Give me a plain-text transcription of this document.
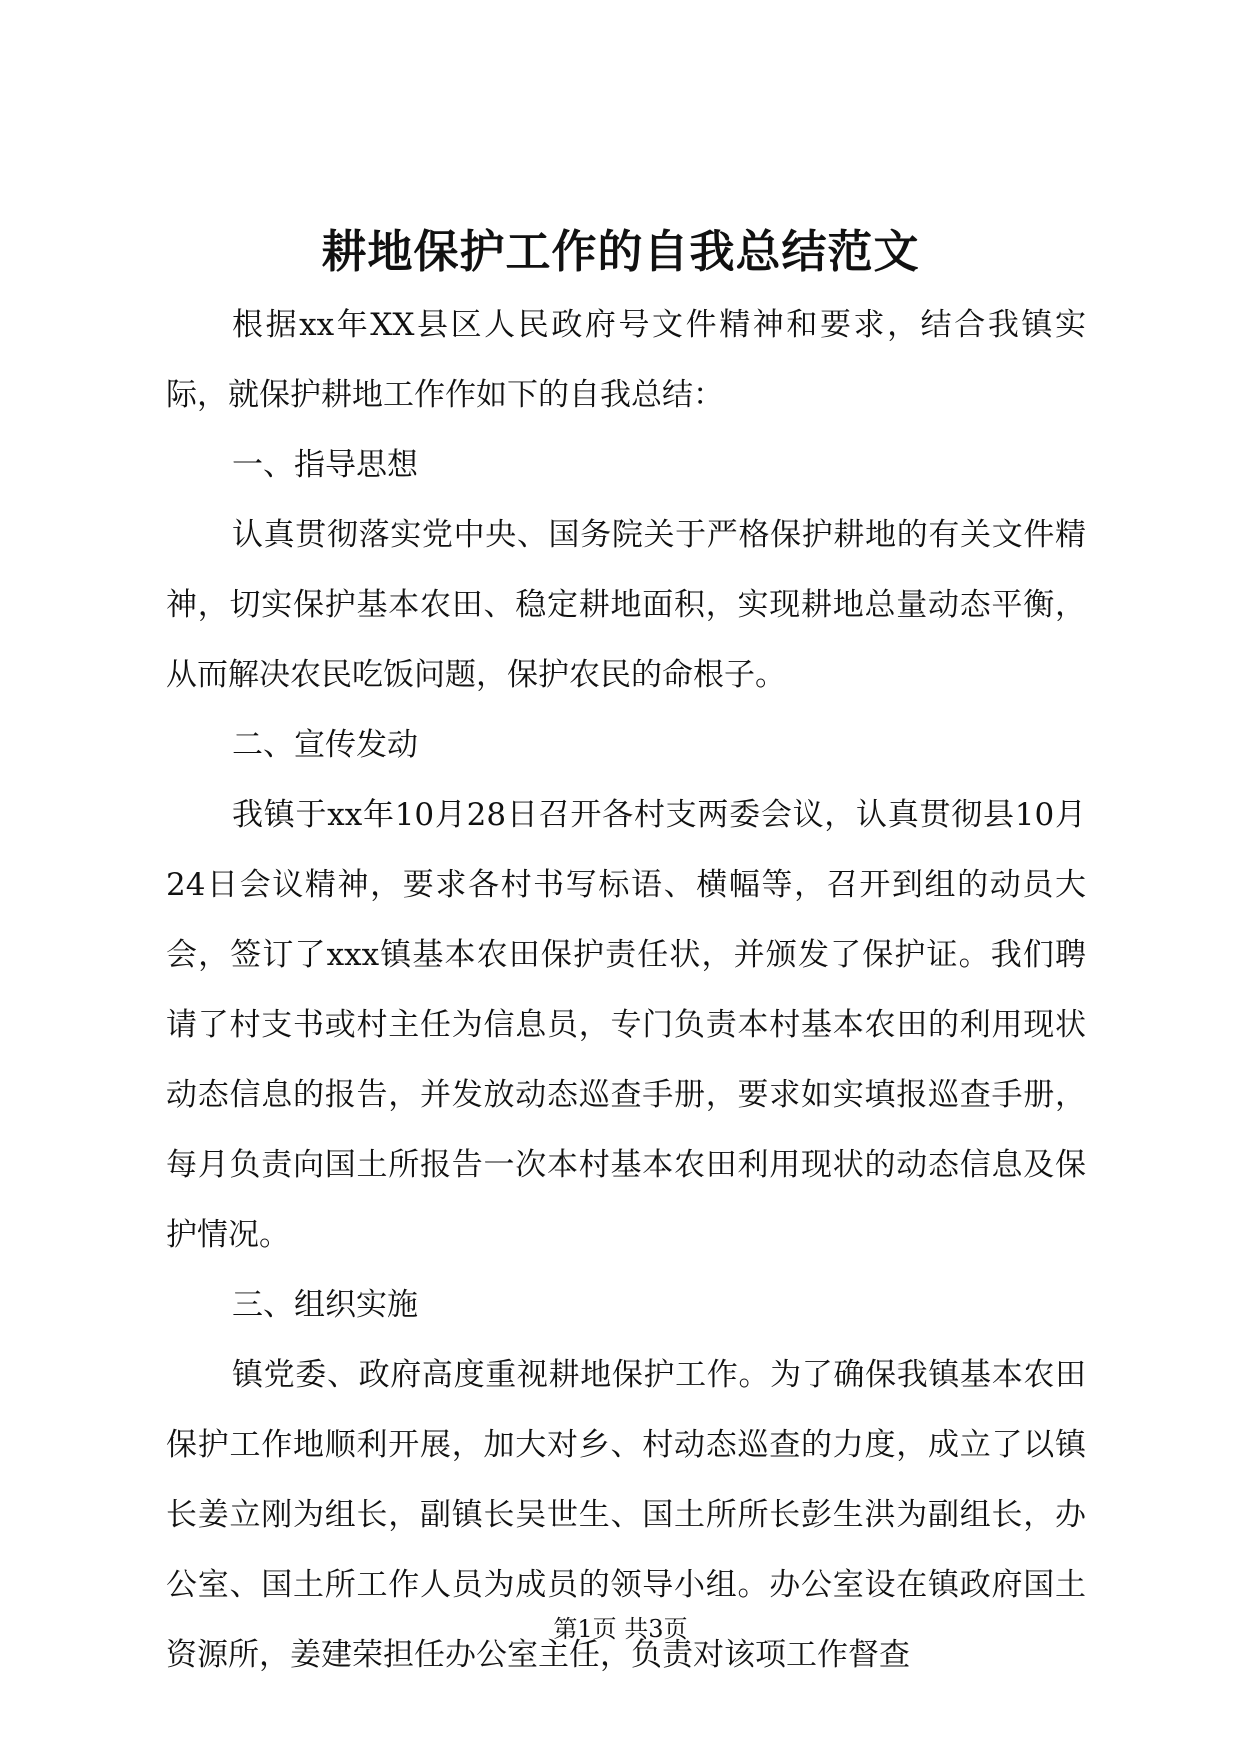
耕地保护工作的自我总结范文

根据xx年XX县区人民政府号文件精神和要求，结合我镇实际，就保护耕地工作作如下的自我总结：

一、指导思想

认真贯彻落实党中央、国务院关于严格保护耕地的有关文件精神，切实保护基本农田、稳定耕地面积，实现耕地总量动态平衡，从而解决农民吃饭问题，保护农民的命根子。

二、宣传发动

我镇于xx年10月28日召开各村支两委会议，认真贯彻县10月24日会议精神，要求各村书写标语、横幅等，召开到组的动员大会，签订了xxx镇基本农田保护责任状，并颁发了保护证。我们聘请了村支书或村主任为信息员，专门负责本村基本农田的利用现状动态信息的报告，并发放动态巡查手册，要求如实填报巡查手册，每月负责向国土所报告一次本村基本农田利用现状的动态信息及保护情况。

三、组织实施

镇党委、政府高度重视耕地保护工作。为了确保我镇基本农田保护工作地顺利开展，加大对乡、村动态巡查的力度，成立了以镇长姜立刚为组长，副镇长吴世生、国土所所长彭生洪为副组长，办公室、国土所工作人员为成员的领导小组。办公室设在镇政府国土资源所，姜建荣担任办公室主任，负责对该项工作督查

第1页 共3页
